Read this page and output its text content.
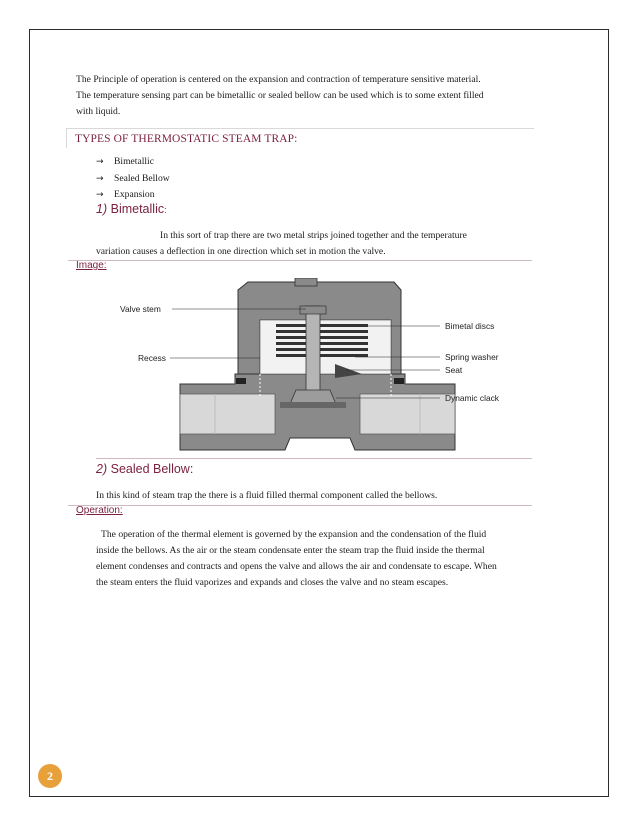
The Principle of operation is centered on the expansion and contraction of temperature sensitive material.
The temperature sensing part can be bimetallic or sealed bellow can be used which is to some extent filled
with liquid.
TYPES OF THERMOSTATIC STEAM TRAP:
→	Bimetallic
→	Sealed Bellow
→	Expansion
1) Bimetallic:
In this sort of trap there are two metal strips joined together and the temperature
variation causes a deflection in one direction which set in motion the valve.
Image:
Valve stem
Bimetal discs
Recess	Spring washer
Seat
Dynamic clack
2) Sealed Bellow:
In this kind of steam trap the there is a fluid filled thermal component called the bellows.
Operation:
The operation of the thermal element is governed by the expansion and the condensation of the fluid
inside the bellows. As the air or the steam condensate enter the steam trap the fluid inside the thermal
element condenses and contracts and opens the valve and allows the air and condensate to escape. When
the steam enters the fluid vaporizes and expands and closes the valve and no steam escapes.
2
